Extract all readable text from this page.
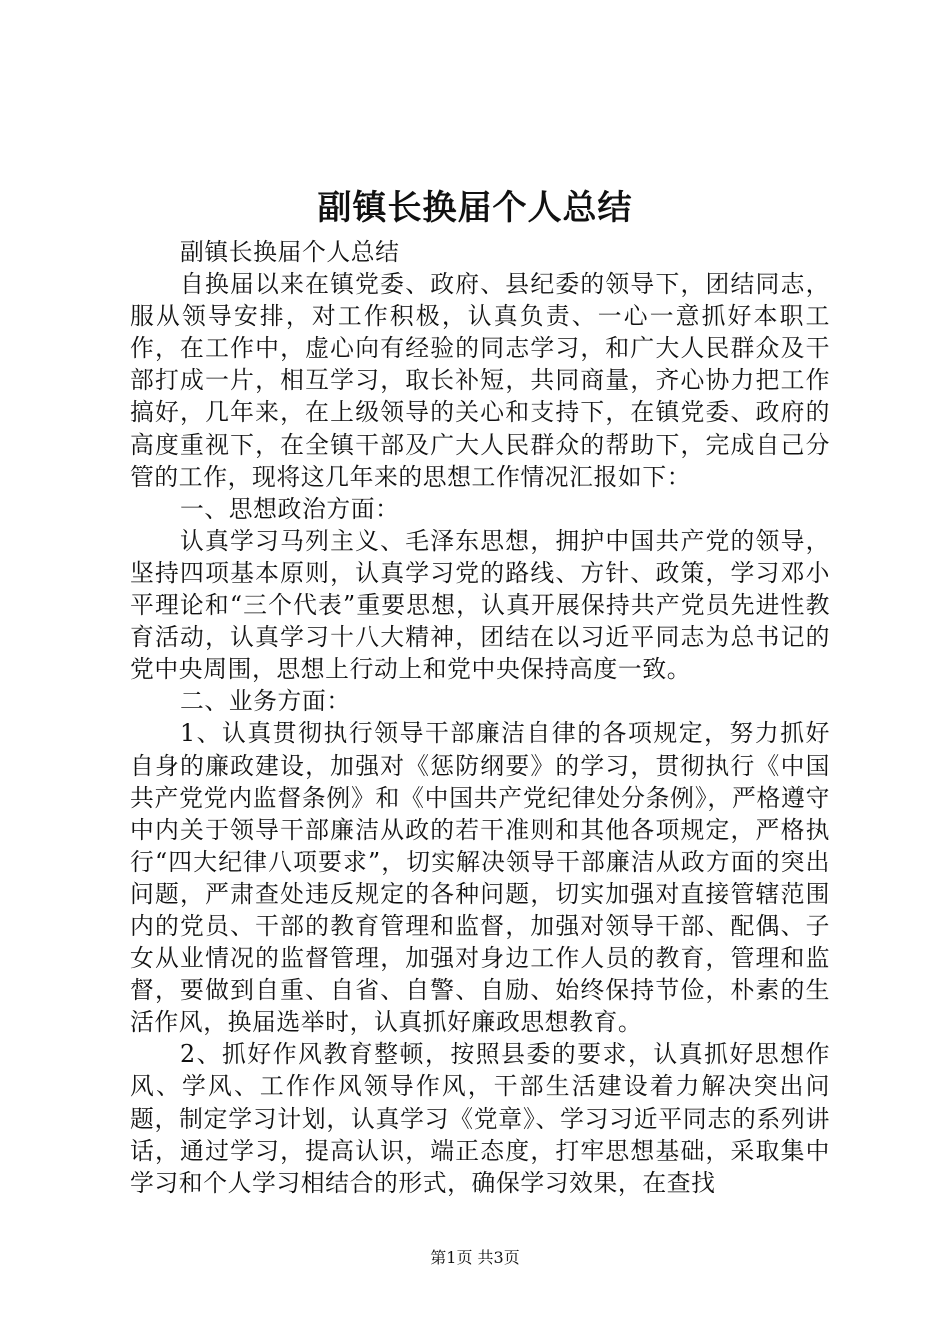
副镇长换届个人总结

副镇长换届个人总结

自换届以来在镇党委、政府、县纪委的领导下，团结同志，服从领导安排，对工作积极，认真负责、一心一意抓好本职工作，在工作中，虚心向有经验的同志学习，和广大人民群众及干部打成一片，相互学习，取长补短，共同商量，齐心协力把工作搞好，几年来，在上级领导的关心和支持下，在镇党委、政府的高度重视下，在全镇干部及广大人民群众的帮助下，完成自己分管的工作，现将这几年来的思想工作情况汇报如下：

一、思想政治方面：

认真学习马列主义、毛泽东思想，拥护中国共产党的领导，坚持四项基本原则，认真学习党的路线、方针、政策，学习邓小平理论和“三个代表”重要思想，认真开展保持共产党员先进性教育活动，认真学习十八大精神，团结在以习近平同志为总书记的党中央周围，思想上行动上和党中央保持高度一致。

二、业务方面：

1、认真贯彻执行领导干部廉洁自律的各项规定，努力抓好自身的廉政建设，加强对《惩防纲要》的学习，贯彻执行《中国共产党党内监督条例》和《中国共产党纪律处分条例》，严格遵守中内关于领导干部廉洁从政的若干准则和其他各项规定，严格执行“四大纪律八项要求”，切实解决领导干部廉洁从政方面的突出问题，严肃查处违反规定的各种问题，切实加强对直接管辖范围内的党员、干部的教育管理和监督，加强对领导干部、配偶、子女从业情况的监督管理，加强对身边工作人员的教育，管理和监督，要做到自重、自省、自警、自励、始终保持节俭，朴素的生活作风，换届选举时，认真抓好廉政思想教育。

2、抓好作风教育整顿，按照县委的要求，认真抓好思想作风、学风、工作作风领导作风，干部生活建设着力解决突出问题，制定学习计划，认真学习《党章》、学习习近平同志的系列讲话，通过学习，提高认识，端正态度，打牢思想基础，采取集中学习和个人学习相结合的形式，确保学习效果，在查找

第1页 共3页
